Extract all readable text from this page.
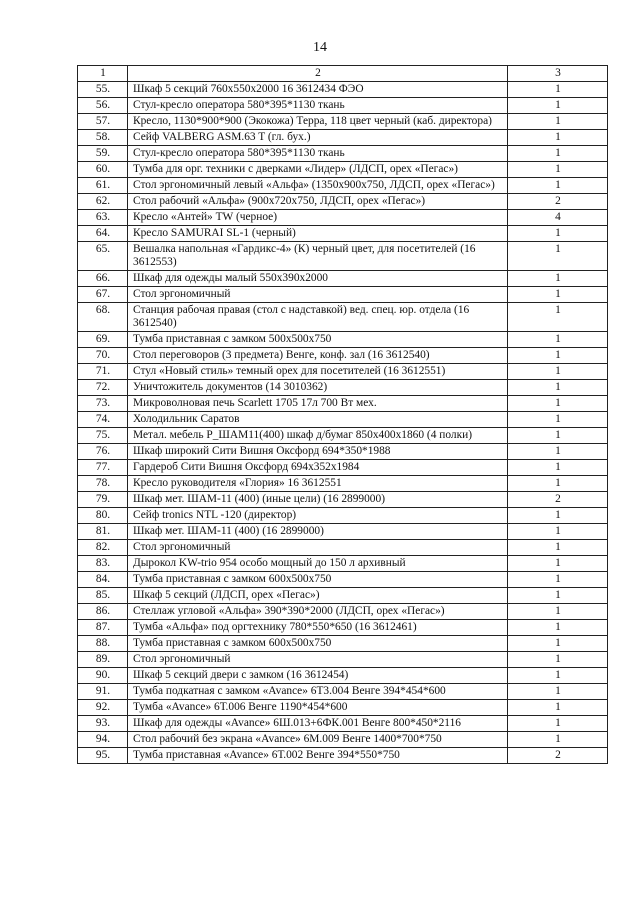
14
1	2	3
55.	Шкаф 5 секций 760x550x2000 16 3612434 ФЭО	1
56.	Стул-кресло оператора 580*395*1130 ткань	1
57.	Кресло, 1130*900*900 (Экокожа) Терра, 118 цвет черный (каб. директора)	1
58.	Сейф VALBERG ASM.63 T (гл. бух.)	1
59.	Стул-кресло оператора 580*395*1130 ткань	1
60.	Тумба для орг. техники с дверками «Лидер» (ЛДСП, орех «Пегас»)	1
61.	Стол эргономичный левый «Альфа» (1350x900x750, ЛДСП, орех «Пегас»)	1
62.	Стол рабочий «Альфа» (900x720x750, ЛДСП, орех «Пегас»)	2
63.	Кресло «Антей» TW (черное)	4
64.	Кресло SAMURAI SL-1 (черный)	1
65.	Вешалка напольная «Гардикс-4» (К) черный цвет, для посетителей (16 3612553)	1
66.	Шкаф для одежды малый 550x390x2000	1
67.	Стол эргономичный	1
68.	Станция рабочая правая (стол с надставкой) вед. спец. юр. отдела (16 3612540)	1
69.	Тумба приставная с замком 500x500x750	1
70.	Стол переговоров (3 предмета) Венге, конф. зал (16 3612540)	1
71.	Стул «Новый стиль» темный орех для посетителей (16 3612551)	1
72.	Уничтожитель документов (14 3010362)	1
73.	Микроволновая печь Scarlett 1705 17л 700 Вт мех.	1
74.	Холодильник Саратов	1
75.	Метал. мебель Р_ШАМ11(400) шкаф д/бумаг 850x400x1860 (4 полки)	1
76.	Шкаф широкий Сити Вишня Оксфорд 694*350*1988	1
77.	Гардероб Сити Вишня Оксфорд 694x352x1984	1
78.	Кресло руководителя «Глория» 16 3612551	1
79.	Шкаф мет. ШАМ-11 (400) (иные цели) (16 2899000)	2
80.	Сейф tronics NTL -120 (директор)	1
81.	Шкаф мет. ШАМ-11 (400) (16 2899000)	1
82.	Стол эргономичный	1
83.	Дырокол KW-trio 954 особо мощный до 150 л архивный	1
84.	Тумба приставная с замком 600x500x750	1
85.	Шкаф 5 секций (ЛДСП, орех «Пегас»)	1
86.	Стеллаж угловой «Альфа» 390*390*2000 (ЛДСП, орех «Пегас»)	1
87.	Тумба «Альфа» под оргтехнику 780*550*650 (16 3612461)	1
88.	Тумба приставная с замком 600x500x750	1
89.	Стол эргономичный	1
90.	Шкаф 5 секций двери с замком (16 3612454)	1
91.	Тумба подкатная с замком «Avance» 6Т3.004 Венге 394*454*600	1
92.	Тумба «Avance» 6Т.006 Венге 1190*454*600	1
93.	Шкаф для одежды «Avance» 6Ш.013+6ФК.001 Венге 800*450*2116	1
94.	Стол рабочий без экрана «Avance» 6М.009 Венге 1400*700*750	1
95.	Тумба приставная «Avance» 6Т.002 Венге 394*550*750	2
